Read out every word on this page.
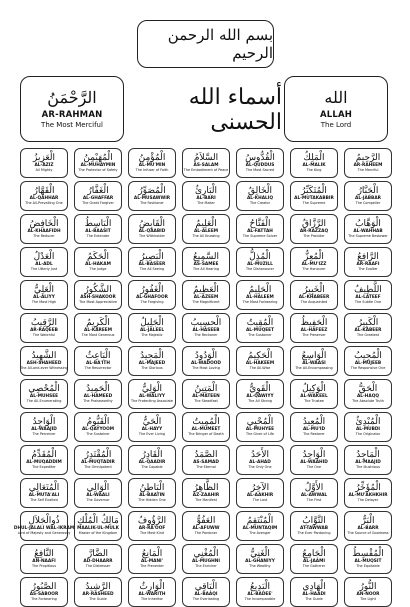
بسم الله الرحمن الرحيم
الرَّحْمَنُ
AR-RAHMAN
The Most Merciful
أسماء الله الحسنى
الله
ALLAH
The Lord
الْعَزِيزُ
AL-AZIZ
All Mighty
الْمُهَيْمِنُ
AL-MUHAYMIN
The Protector of Safety
الْمُؤْمِنُ
AL-MU'MIN
The Infuser of Faith
السَّلاَمُ
AS-SALAM
The Embodiment of Peace
الْقُدُّوسُ
AL-QUDDUS
The Most Sacred
الْمَلِكُ
AL-MALIK
The King
الرَّحِيمُ
AR-RAHEEM
The Merciful
الْقَهَّارُ
AL-QAHHAR
The All-Prevailing One
الْغَفَّارُ
AL-GHAFFAR
The Great Forgiver
الْمُصَوِّرُ
AL-MUSAWWIR
The Fashioner
الْبَارِئُ
AL-BARI
The Maker
الْخَالِقُ
AL-KHALIQ
The Creator
الْمُتَكَبِّرُ
AL-MUTAKABBIR
The Supreme
الْجَبَّارُ
AL-JABBAR
The Compeller
الْخَافِضُ
AL-KHAAFIDH
The Reducer
الْبَاسِطُ
AL-BAASIT
The Extender
الْقَابِضُ
AL-QAABID
The Withholder
الْعَلِيمُ
AL-ALEEM
The All Knowing
الْفَتَّاحُ
AL-FATTAH
The Supreme Solver
الرَّزَّاقُ
AR-RAZZAQ
The Provider
الْوَهَّابُ
AL-WAHHAB
The Supreme Bestower
الْعَدْلُ
AL-ADL
The Utterly Just
الْحَكَمُ
AL-HAKAM
The Judge
الْبَصِيرُ
AL-BASEER
The All Seeing
السَّمِيعُ
AS-SAMEE
The All Hearing
الْمُذِلُّ
AL-MUZILL
The Dishonourer
الْمُعِزُّ
AL-MU'IZZ
The Honourer
الرَّافِعُ
AR-RAAFI
The Exalter
الْعَلِيُّ
AL-ALIYY
The Most High
الشَّكُورُ
ASH-SHAKOOR
The Most Appreciative
الْغَفُورُ
AL-GHAFOOR
The Forgiving
الْعَظِيمُ
AL-AZEEM
The Magnificent
الْحَلِيمُ
AL-HALEEM
The Most Forbearing
الْخَبِيرُ
AL-KHABEER
The Acquainted
اللَّطِيفُ
AL-LATEEF
The Subtle One
الرَّقِيبُ
AR-RAQEEB
The Watchful
الْكَرِيمُ
AL-KAREEM
The Most Generous
الْجَلِيلُ
AL-JALEEL
The Majestic
الْحسِيبُ
AL-HASEEB
The Reckoner
الْمُقِيتُ
AL-MUQEET
The Sustainer
الْحَفِيظُ
AL-HAFEEZ
The Preserver
الْكَبِيرُ
AL-KABEER
The Greatest
الشَّهِيدُ
ASH-SHAHEED
The All-and-ever Witnessing
الْبَاعِثُ
AL-BA'ITH
The Resurrector
الْمَجِيدُ
AL-MAJEED
The Glorious
الْوَدُودُ
AL-WADOOD
The Most Loving
الْحَكِيمُ
AL-HAKEEM
The All-Wise
الْوَاسِعُ
AL-WAASI
The All-Encompassing
الْمُجِيبُ
AL-MUJEEB
The Responsive One
الْمُحْصِي
AL-MUHSEE
The All-Enumerating
الْحَمِيدُ
AL-HAMEED
The Praiseworthy
الْوَلِيُّ
AL-WALIYY
The Protecting Associate
الْمَتِينُ
AL-MATEEN
The Steadfast
الْقَوِيُّ
AL-QAWIYY
The All Strong
الْوَكِيلُ
AL-WAKEEL
The Trustee
الْحَقُّ
AL-HAQQ
The Absolute Truth
الْوَاجِدُ
AL-WAAJID
The Perceiver
الْقَيُّومُ
AL-QAYYOOM
The Sustainer
الْحَيُّ
AL-HAYY
The Ever Living
الْمُمِيتُ
AL-MUMEET
The Bringer of Death
الْمُحْيِي
AL-MUHYEE
The Giver of Life
الْمُعِيدُ
AL-MU'ID
The Restorer
الْمُبْدِئُ
AL-MUBDI
The Originator
الْمُقَدِّمُ
AL-MUQADDIM
The Expediter
الْمُقْتَدِرُ
AL-MUQTADIR
The Omnipotent
الْقَادِرُ
AL-QAADIR
The Capable
الصَّمَدُ
AS-SAMAD
The Eternal
الأَحَدُ
AL-AHAD
The Only One
الْوَاحِدُ
AL-WAAHID
The One
الْمَاجِدُ
AL-MAAJID
The Illustrious
الْمُتَعَالِي
AL-MUTA'ALI
The Self Exalted
الْوَالِي
AL-WAALI
The Governor
الْبَاطِنُ
AL-BAATIN
The Hidden One
الظَّاهِرُ
AZ-ZAAHIR
The Manifest
الآخِرُ
AL-AAKHIR
The Last
الأَوَّلُ
AL-AWWAL
The First
الْمُؤَخِّرُ
AL-MU'AKHKHIR
The Delayer
ذُوالْجَلاَلِ
DHUL-JALALI WAL-IKRAM
Lord of Majesty and Generosity
مَالِكُ الْمُلْكِ
MAALIK-UL-MULK
Master of the Kingdom
الرَّؤُوفُ
AR-RA'OOF
The Most Kind
العَفُوُّ
AL-AFUWW
The Pardoner
الْمُنْتَقِمُ
AL-MUNTAQIM
The Avenger
التَّوَّابُ
AT-TAWWAB
The Ever Pardoning
الْبَرُّ
AL-BARR
The Source of Goodness
النَّافِعُ
AN-NAAFI
The Propitious
الضَّارَّ
AD-DHAARR
The Distresser
الْمَانِعُ
AL-MANI'
The Preventer
الْمُغْنِي
AL-MUGHNI
The Enricher
الْغَنِيُّ
AL-GHANIYY
The Wealthy
الْجَامِعُ
AL-JAAMI
The Gatherer
الْمُقْسِطُ
AL-MUQSIT
The Equitable
الصَّبُورُ
AS-SABOOR
The Forbearing
الرَّشِيدُ
AR-RASHEED
The Guide
الْوَارِثُ
AL-WARITH
The Inheritor
الْبَاقِي
AL-BAAQI
The Everlasting
الْبَدِيعُ
AL-BADEE'
The Incomparable
الْهَادِي
AL-HAADI
The Guide
النُّورُ
AN-NOOR
The Light
